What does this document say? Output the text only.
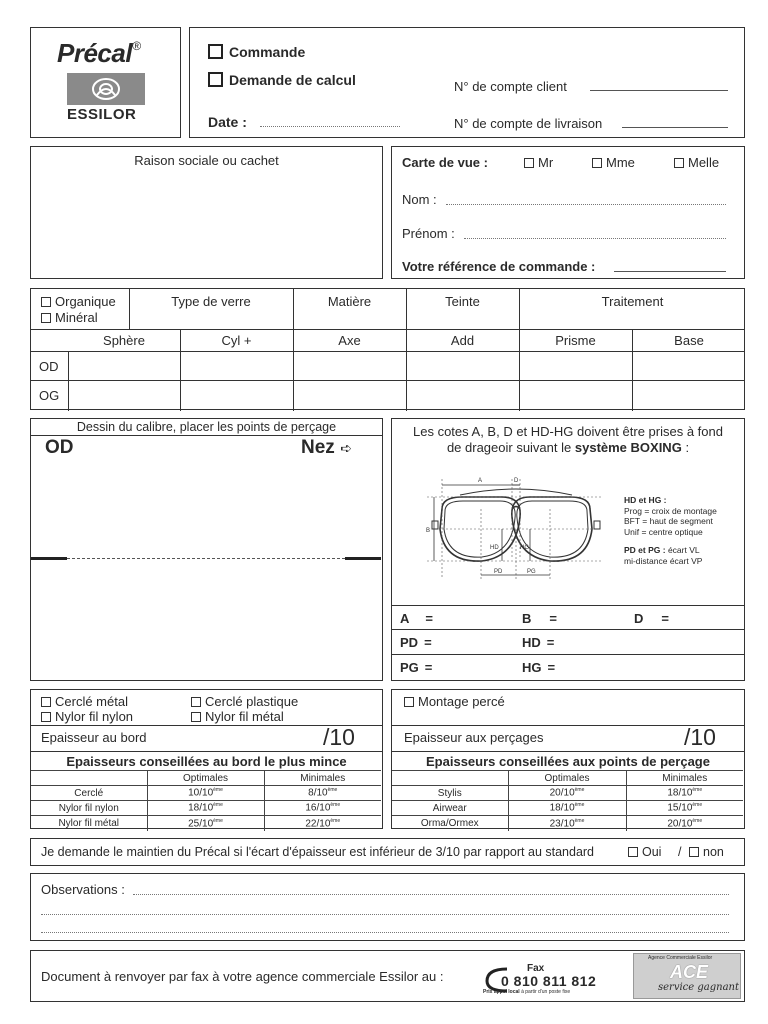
Précal®
ESSILOR
Commande
Demande de calcul
Date :
N° de compte client
N° de compte de livraison
Raison sociale ou cachet	Carte de vue :	Mr	Mme	Melle
Nom :
Prénom :
Votre référence de commande :
Organique
Minéral
Type de verre	Matière	Teinte	Traitement
Sphère	Cyl +	Axe	Add	Prisme	Base
OD
OG
Dessin du calibre, placer les points de perçage
OD	Nez ➪
Les cotes A, B, D et HD-HG doivent être prises à fond
de drageoir suivant le système BOXING :
A	D
B
HD	HG
PD	PG
HD et HG :
Prog = croix de montage
BFT = haut de segment
Unif = centre optique
PD et PG : écart VL
mi-distance écart VP
A =	B =	D =
PD =	HD =
PG =	HG =
Cerclé métal	Cerclé plastique
Nylor fil nylon	Nylor fil métal
Epaisseur au bord	/10
Epaisseurs conseillées au bord le plus mince
	Optimales	Minimales
Cerclé	10/10ème	8/10ème
Nylor fil nylon	18/10ème	16/10ème
Nylor fil métal	25/10ème	22/10ème
Montage percé
Epaisseur aux perçages	/10
Epaisseurs conseillées aux points de perçage
	Optimales	Minimales
Stylis	20/10ème	18/10ème
Airwear	18/10ème	15/10ème
Orma/Ormex	23/10ème	20/10ème
Je demande le maintien du Précal si l'écart d'épaisseur est inférieur de 3/10 par rapport au standard	Oui /	non
Observations :
Document à renvoyer par fax à votre agence commerciale Essilor au :
Fax
0 810 811 812
Prix appel local à partir d'un poste fixe
Agence Commerciale Essilor
ACE
service gagnant
